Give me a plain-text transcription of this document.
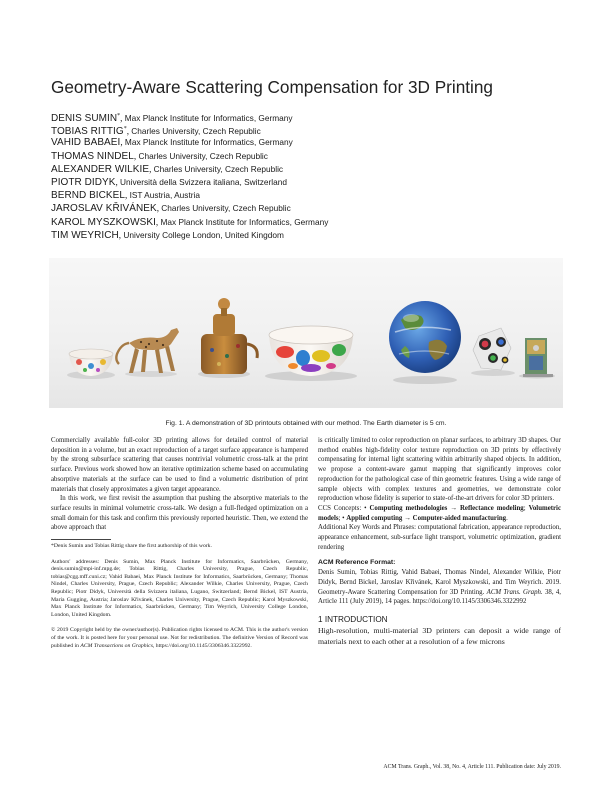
Geometry-Aware Scattering Compensation for 3D Printing
DENIS SUMIN*, Max Planck Institute for Informatics, Germany
TOBIAS RITTIG*, Charles University, Czech Republic
VAHID BABAEI, Max Planck Institute for Informatics, Germany
THOMAS NINDEL, Charles University, Czech Republic
ALEXANDER WILKIE, Charles University, Czech Republic
PIOTR DIDYK, Università della Svizzera italiana, Switzerland
BERND BICKEL, IST Austria, Austria
JAROSLAV KŘIVÁNEK, Charles University, Czech Republic
KAROL MYSZKOWSKI, Max Planck Institute for Informatics, Germany
TIM WEYRICH, University College London, United Kingdom
Fig. 1. A demonstration of 3D printouts obtained with our method. The Earth diameter is 5 cm.

Commercially available full-color 3D printing allows for detailed control of material deposition in a volume, but an exact reproduction of a target surface appearance is hampered by the strong subsurface scattering that causes nontrivial volumetric cross-talk at the print surface. Previous work showed how an iterative optimization scheme based on accumulating absorptive materials at the surface can be used to find a volumetric distribution of print materials that closely approximates a given target appearance.

In this work, we first revisit the assumption that pushing the absorptive materials to the surface results in minimal volumetric cross-talk. We design a full-fledged optimization on a small domain for this task and confirm this previously reported heuristic. Then, we extend the above approach that

*Denis Sumin and Tobias Rittig share the first authorship of this work.

Authors' addresses: Denis Sumin, Max Planck Institute for Informatics, Saarbrücken, Germany, denis.sumin@mpi-inf.mpg.de; Tobias Rittig, Charles University, Prague, Czech Republic, tobias@cgg.mff.cuni.cz; Vahid Babaei, Max Planck Institute for Informatics, Saarbrücken, Germany; Thomas Nindel, Charles University, Prague, Czech Republic; Alexander Wilkie, Charles University, Prague, Czech Republic; Piotr Didyk, Università della Svizzera italiana, Lugano, Switzerland; Bernd Bickel, IST Austria, Maria Gugging, Austria; Jaroslav Křivánek, Charles University, Prague, Czech Republic; Karol Myszkowski, Max Planck Institute for Informatics, Saarbrücken, Germany; Tim Weyrich, University College London, London, United Kingdom.

© 2019 Copyright held by the owner/author(s). Publication rights licensed to ACM. This is the author's version of the work. It is posted here for your personal use. Not for redistribution. The definitive Version of Record was published in ACM Transactions on Graphics, https://doi.org/10.1145/3306346.3322992.

is critically limited to color reproduction on planar surfaces, to arbitrary 3D shapes. Our method enables high-fidelity color texture reproduction on 3D prints by effectively compensating for internal light scattering within arbitrarily shaped objects. In addition, we propose a content-aware gamut mapping that significantly improves color reproduction for the pathological case of thin geometric features. Using a wide range of sample objects with complex textures and geometries, we demonstrate color reproduction whose fidelity is superior to state-of-the-art drivers for color 3D printers.

CCS Concepts: • Computing methodologies → Reflectance modeling; Volumetric models; • Applied computing → Computer-aided manufacturing.

Additional Key Words and Phrases: computational fabrication, appearance reproduction, appearance enhancement, sub-surface light transport, volumetric optimization, gradient rendering

ACM Reference Format:

Denis Sumin, Tobias Rittig, Vahid Babaei, Thomas Nindel, Alexander Wilkie, Piotr Didyk, Bernd Bickel, Jaroslav Křivánek, Karol Myszkowski, and Tim Weyrich. 2019. Geometry-Aware Scattering Compensation for 3D Printing. ACM Trans. Graph. 38, 4, Article 111 (July 2019), 14 pages. https://doi.org/10.1145/3306346.3322992

1 INTRODUCTION

High-resolution, multi-material 3D printers can deposit a wide range of materials next to each other at a resolution of a few microns

ACM Trans. Graph., Vol. 38, No. 4, Article 111. Publication date: July 2019.
